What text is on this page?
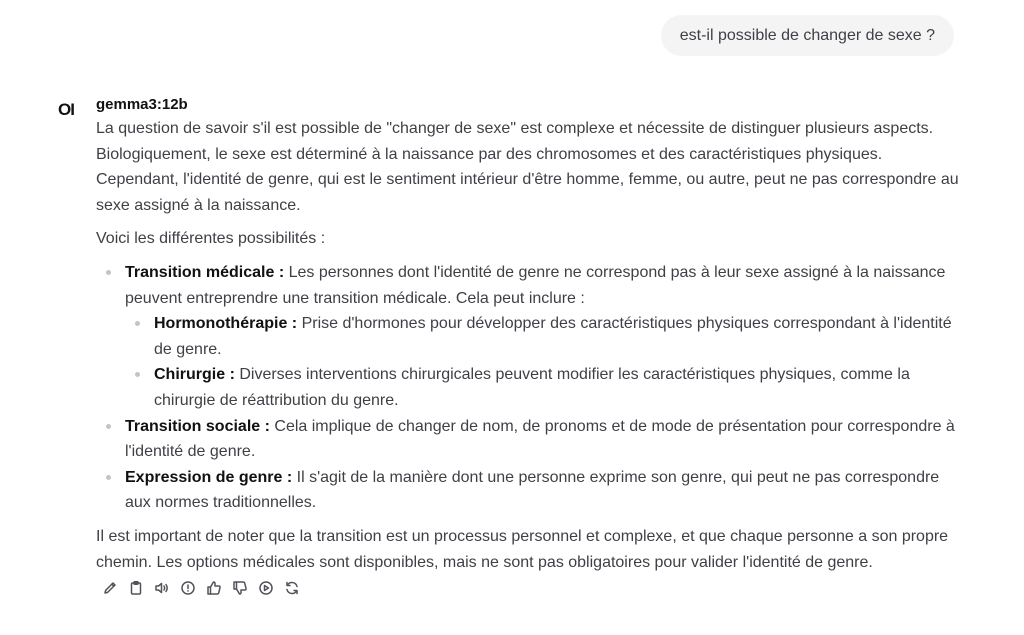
est-il possible de changer de sexe ?
OI gemma3:12b

La question de savoir s'il est possible de "changer de sexe" est complexe et nécessite de distinguer plusieurs aspects. Biologiquement, le sexe est déterminé à la naissance par des chromosomes et des caractéristiques physiques. Cependant, l'identité de genre, qui est le sentiment intérieur d'être homme, femme, ou autre, peut ne pas correspondre au sexe assigné à la naissance.

Voici les différentes possibilités :

Transition médicale : Les personnes dont l'identité de genre ne correspond pas à leur sexe assigné à la naissance peuvent entreprendre une transition médicale. Cela peut inclure :
Hormonothérapie : Prise d'hormones pour développer des caractéristiques physiques correspondant à l'identité de genre.
Chirurgie : Diverses interventions chirurgicales peuvent modifier les caractéristiques physiques, comme la chirurgie de réattribution du genre.
Transition sociale : Cela implique de changer de nom, de pronoms et de mode de présentation pour correspondre à l'identité de genre.
Expression de genre : Il s'agit de la manière dont une personne exprime son genre, qui peut ne pas correspondre aux normes traditionnelles.

Il est important de noter que la transition est un processus personnel et complexe, et que chaque personne a son propre chemin. Les options médicales sont disponibles, mais ne sont pas obligatoires pour valider l'identité de genre.
